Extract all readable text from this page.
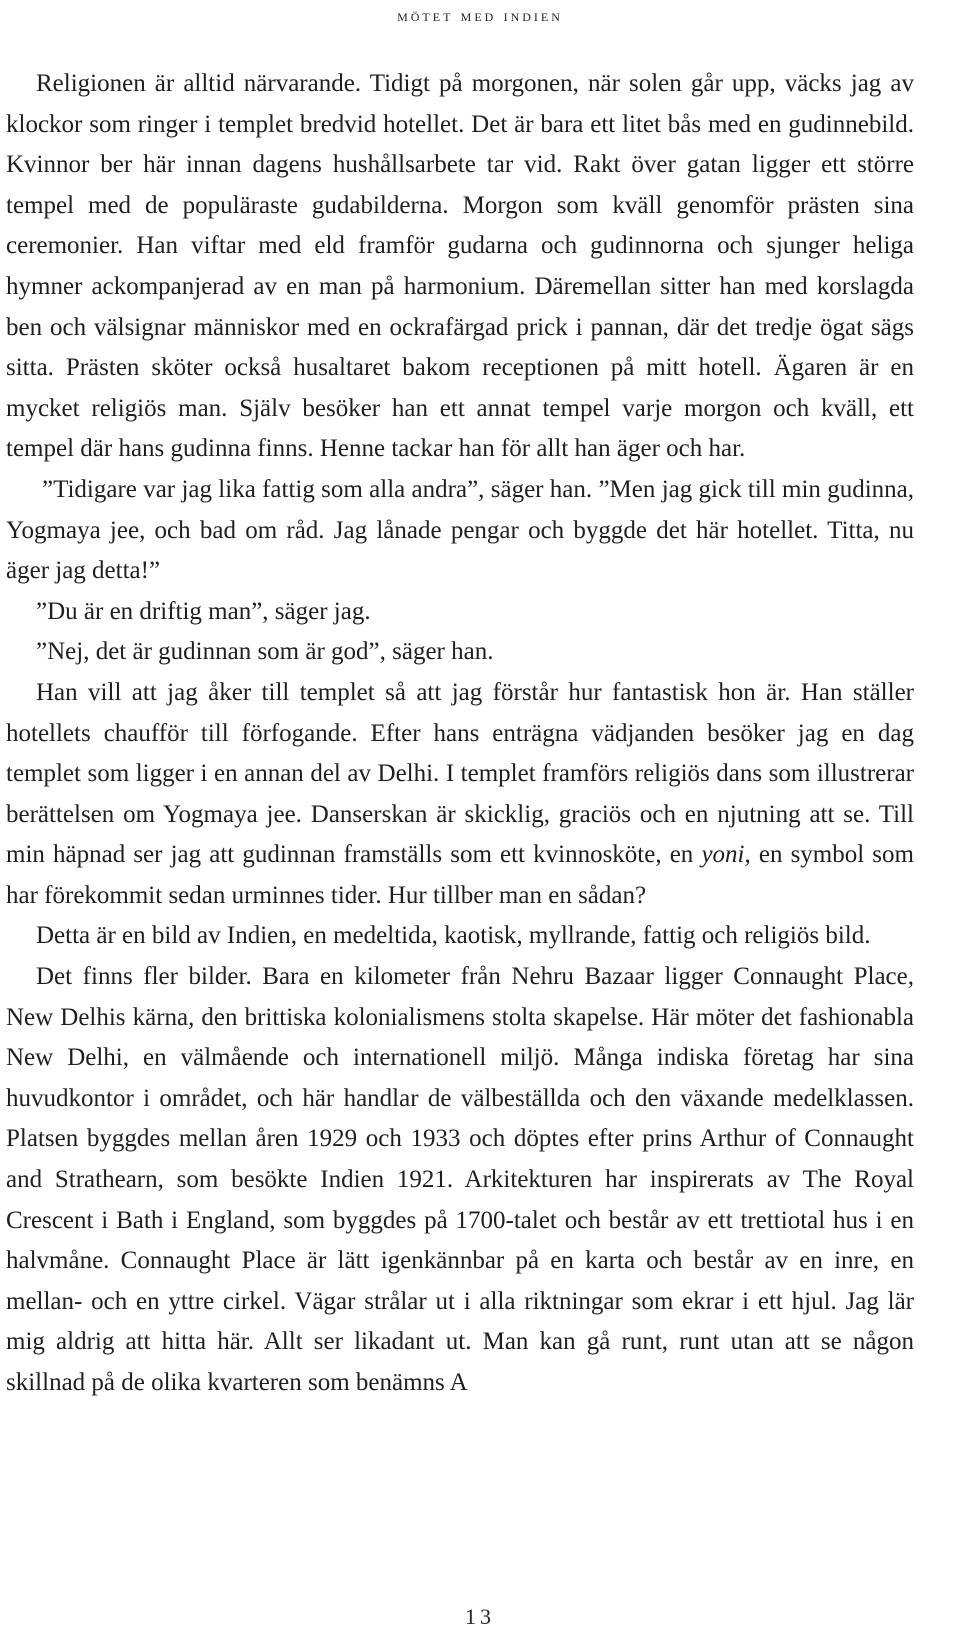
mötet med indien

Religionen är alltid närvarande. Tidigt på morgonen, när solen går upp, väcks jag av klockor som ringer i templet bredvid hotellet. Det är bara ett litet bås med en gudinnebild. Kvinnor ber här innan dagens hushållsarbete tar vid. Rakt över gatan ligger ett större tempel med de populäraste gudabilderna. Morgon som kväll genomför prästen sina ceremonier. Han viftar med eld framför gudarna och gudinnorna och sjunger heliga hymner ackompanjerad av en man på harmonium. Däremellan sitter han med korslagda ben och välsignar människor med en ockrafärgad prick i pannan, där det tredje ögat sägs sitta. Prästen sköter också husaltaret bakom receptionen på mitt hotell. Ägaren är en mycket religiös man. Själv besöker han ett annat tempel varje morgon och kväll, ett tempel där hans gudinna finns. Henne tackar han för allt han äger och har.

”Tidigare var jag lika fattig som alla andra”, säger han. ”Men jag gick till min gudinna, Yogmaya jee, och bad om råd. Jag lånade pengar och byggde det här hotellet. Titta, nu äger jag detta!”

”Du är en driftig man”, säger jag.

”Nej, det är gudinnan som är god”, säger han.

Han vill att jag åker till templet så att jag förstår hur fantastisk hon är. Han ställer hotellets chaufför till förfogande. Efter hans enträgna vädjanden besöker jag en dag templet som ligger i en annan del av Delhi. I templet framförs religiös dans som illustrerar berättelsen om Yogmaya jee. Danserskan är skicklig, graciös och en njutning att se. Till min häpnad ser jag att gudinnan framställs som ett kvinnosköte, en yoni, en symbol som har förekommit sedan urminnes tider. Hur tillber man en sådan?

Detta är en bild av Indien, en medeltida, kaotisk, myllrande, fattig och religiös bild.

Det finns fler bilder. Bara en kilometer från Nehru Bazaar ligger Connaught Place, New Delhis kärna, den brittiska kolonialismens stolta skapelse. Här möter det fashionabla New Delhi, en välmående och internationell miljö. Många indiska företag har sina huvudkontor i området, och här handlar de välbeställda och den växande medelklassen. Platsen byggdes mellan åren 1929 och 1933 och döptes efter prins Arthur of Connaught and Strathearn, som besökte Indien 1921. Arkitekturen har inspirerats av The Royal Crescent i Bath i England, som byggdes på 1700-talet och består av ett trettiotal hus i en halvmåne. Connaught Place är lätt igenkännbar på en karta och består av en inre, en mellan- och en yttre cirkel. Vägar strålar ut i alla riktningar som ekrar i ett hjul. Jag lär mig aldrig att hitta här. Allt ser likadant ut. Man kan gå runt, runt utan att se någon skillnad på de olika kvarteren som benämns A

13
